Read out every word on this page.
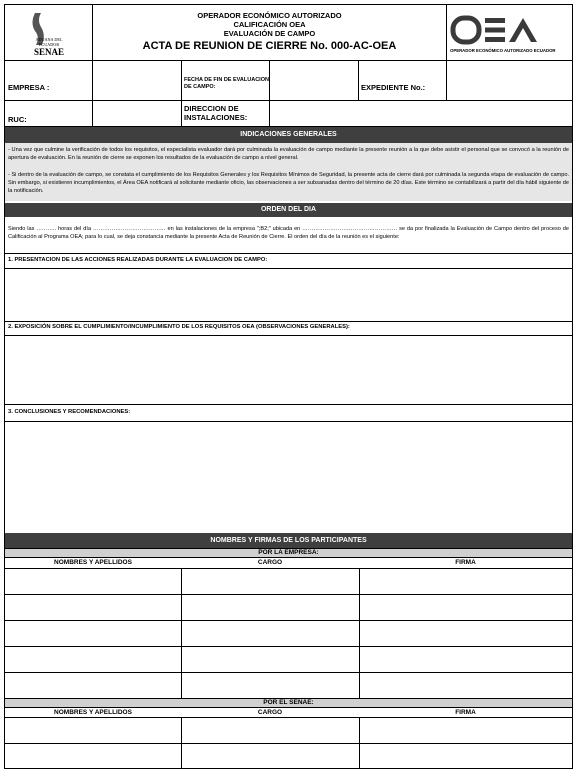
ADUANA DEL
ECUADOR
SENAE
OPERADOR ECONÓMICO AUTORIZADO
CALIFICACIÓN OEA
EVALUACIÓN DE CAMPO
ACTA DE REUNION DE CIERRE No. 000-AC-OEA	OPERADOR ECONÓMICO AUTORIZADO ECUADOR
EMPRESA :
FECHA DE FIN DE EVALUACION DE CAMPO:	EXPEDIENTE No.:
RUC:
DIRECCION DE INSTALACIONES:
INDICACIONES GENERALES
- Una vez que culmine la verificación de todos los requisitos, el especialista evaluador dará por culminada la evaluación de campo mediante la presente reunión a la que debe asistir el personal que se convocó a la reunión de apertura de evaluación. En la reunión de cierre se exponen los resultados de la evaluación de campo a nivel general.
- Si dentro de la evaluación de campo, se constata el cumplimiento de los Requisitos Generales y los Requisitos Mínimos de Seguridad, la presente acta de cierre dará por culminada la segunda etapa de evaluación de campo. Sin embargo, si existieren incumplimientos, el Área OEA notificará al solicitante mediante oficio, las observaciones a ser subsanadas dentro del término de 20 días. Este término se contabilizará a partir del día hábil siguiente de la notificación.
ORDEN DEL DIA
Siendo las ……….. horas del día ………………………………… en las instalaciones de la empresa ";B2;" ubicada en …………………………………………… se da por finalizada la Evaluación de Campo dentro del proceso de Calificación al Programa OEA; para lo cual, se deja constancia mediante la presente Acta de Reunión de Cierre. El orden del día de la reunión es el siguiente:
1. PRESENTACION DE LAS ACCIONES REALIZADAS DURANTE LA EVALUACION DE CAMPO:
2. EXPOSICIÓN SOBRE EL CUMPLIMIENTO/INCUMPLIMIENTO DE LOS REQUISITOS OEA (OBSERVACIONES GENERALES):
3. CONCLUSIONES Y RECOMENDACIONES:
NOMBRES Y FIRMAS DE LOS PARTICIPANTES
POR LA EMPRESA:
NOMBRES Y APELLIDOS	CARGO	FIRMA
POR EL SENAE:
NOMBRES Y APELLIDOS	CARGO	FIRMA
